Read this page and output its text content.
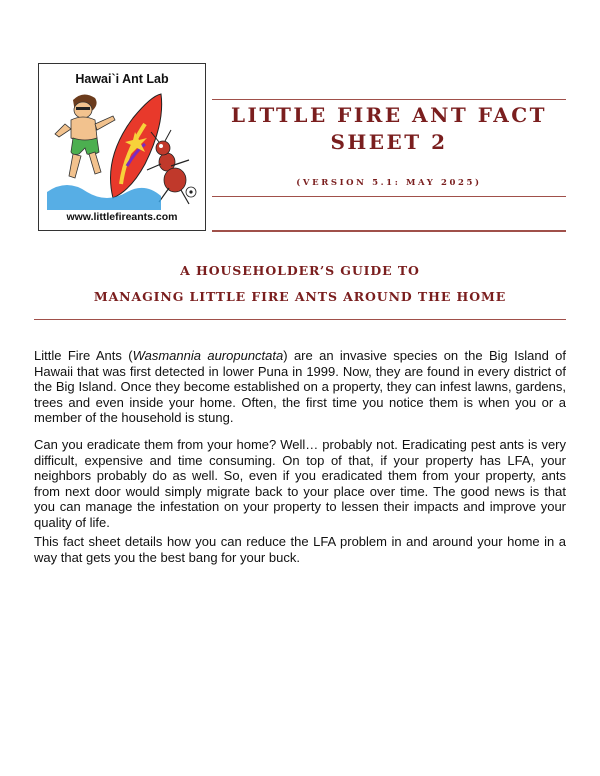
Hawai`i Ant Lab
www.littlefireants.com
LITTLE FIRE ANT FACT
SHEET 2
(VERSION 5.1: MAY 2025)
A HOUSEHOLDER’S GUIDE TO
MANAGING LITTLE FIRE ANTS AROUND THE HOME

Little Fire Ants (Wasmannia auropunctata) are an invasive species on the Big Island of Hawaii that was first detected in lower Puna in 1999. Now, they are found in every district of the Big Island. Once they become established on a property, they can infest lawns, gardens, trees and even inside your home. Often, the first time you notice them is when you or a member of the household is stung.

Can you eradicate them from your home? Well… probably not. Eradicating pest ants is very difficult, expensive and time consuming. On top of that, if your property has LFA, your neighbors probably do as well. So, even if you eradicated them from your property, ants from next door would simply migrate back to your place over time. The good news is that you can manage the infestation on your property to lessen their impacts and improve your quality of life.

This fact sheet details how you can reduce the LFA problem in and around your home in a way that gets you the best bang for your buck.
